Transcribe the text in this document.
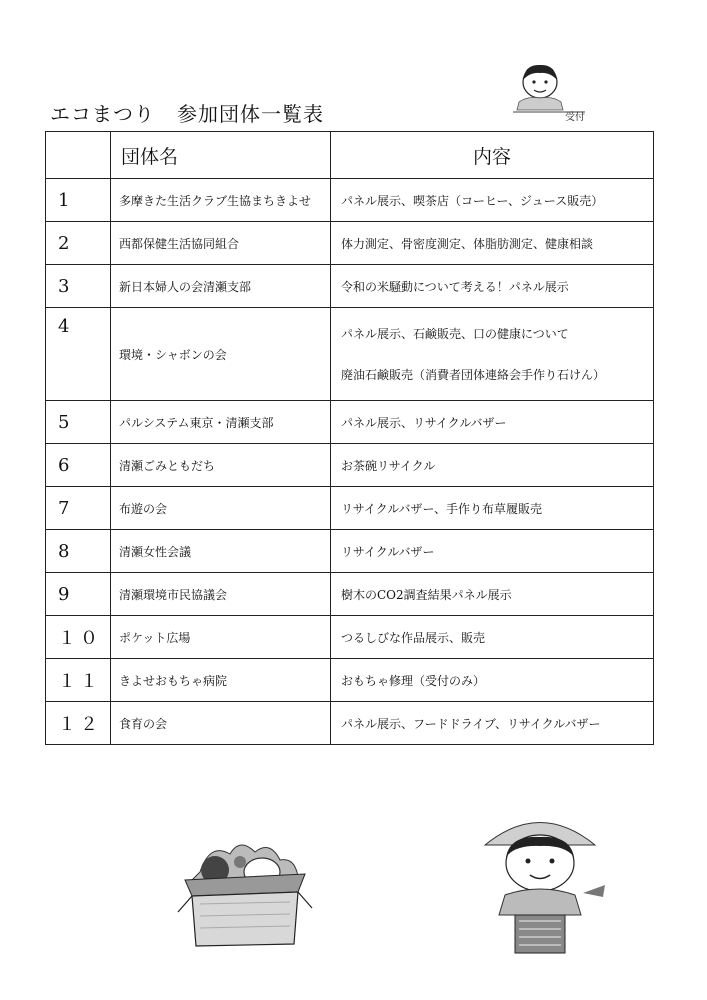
エコまつり 参加団体一覧表	受付
	団体名	内容
1	多摩きた生活クラブ生協まちきよせ	パネル展示、喫茶店（コーヒー、ジュース販売）
2	西都保健生活協同組合	体力測定、骨密度測定、体脂肪測定、健康相談
3	新日本婦人の会清瀬支部	令和の米騒動について考える！パネル展示
4	環境・シャボンの会	パネル展示、石鹸販売、口の健康について
廃油石鹸販売（消費者団体連絡会手作り石けん）

5	パルシステム東京・清瀬支部	パネル展示、リサイクルバザー
6	清瀬ごみともだち	お茶碗リサイクル
7	布遊の会	リサイクルバザー、手作り布草履販売
8	清瀬女性会議	リサイクルバザー
9	清瀬環境市民協議会	樹木のCO2調査結果パネル展示
１０	ポケット広場	つるしびな作品展示、販売
１１	きよせおもちゃ病院	おもちゃ修理（受付のみ）
１２	食育の会	パネル展示、フードドライブ、リサイクルバザー
